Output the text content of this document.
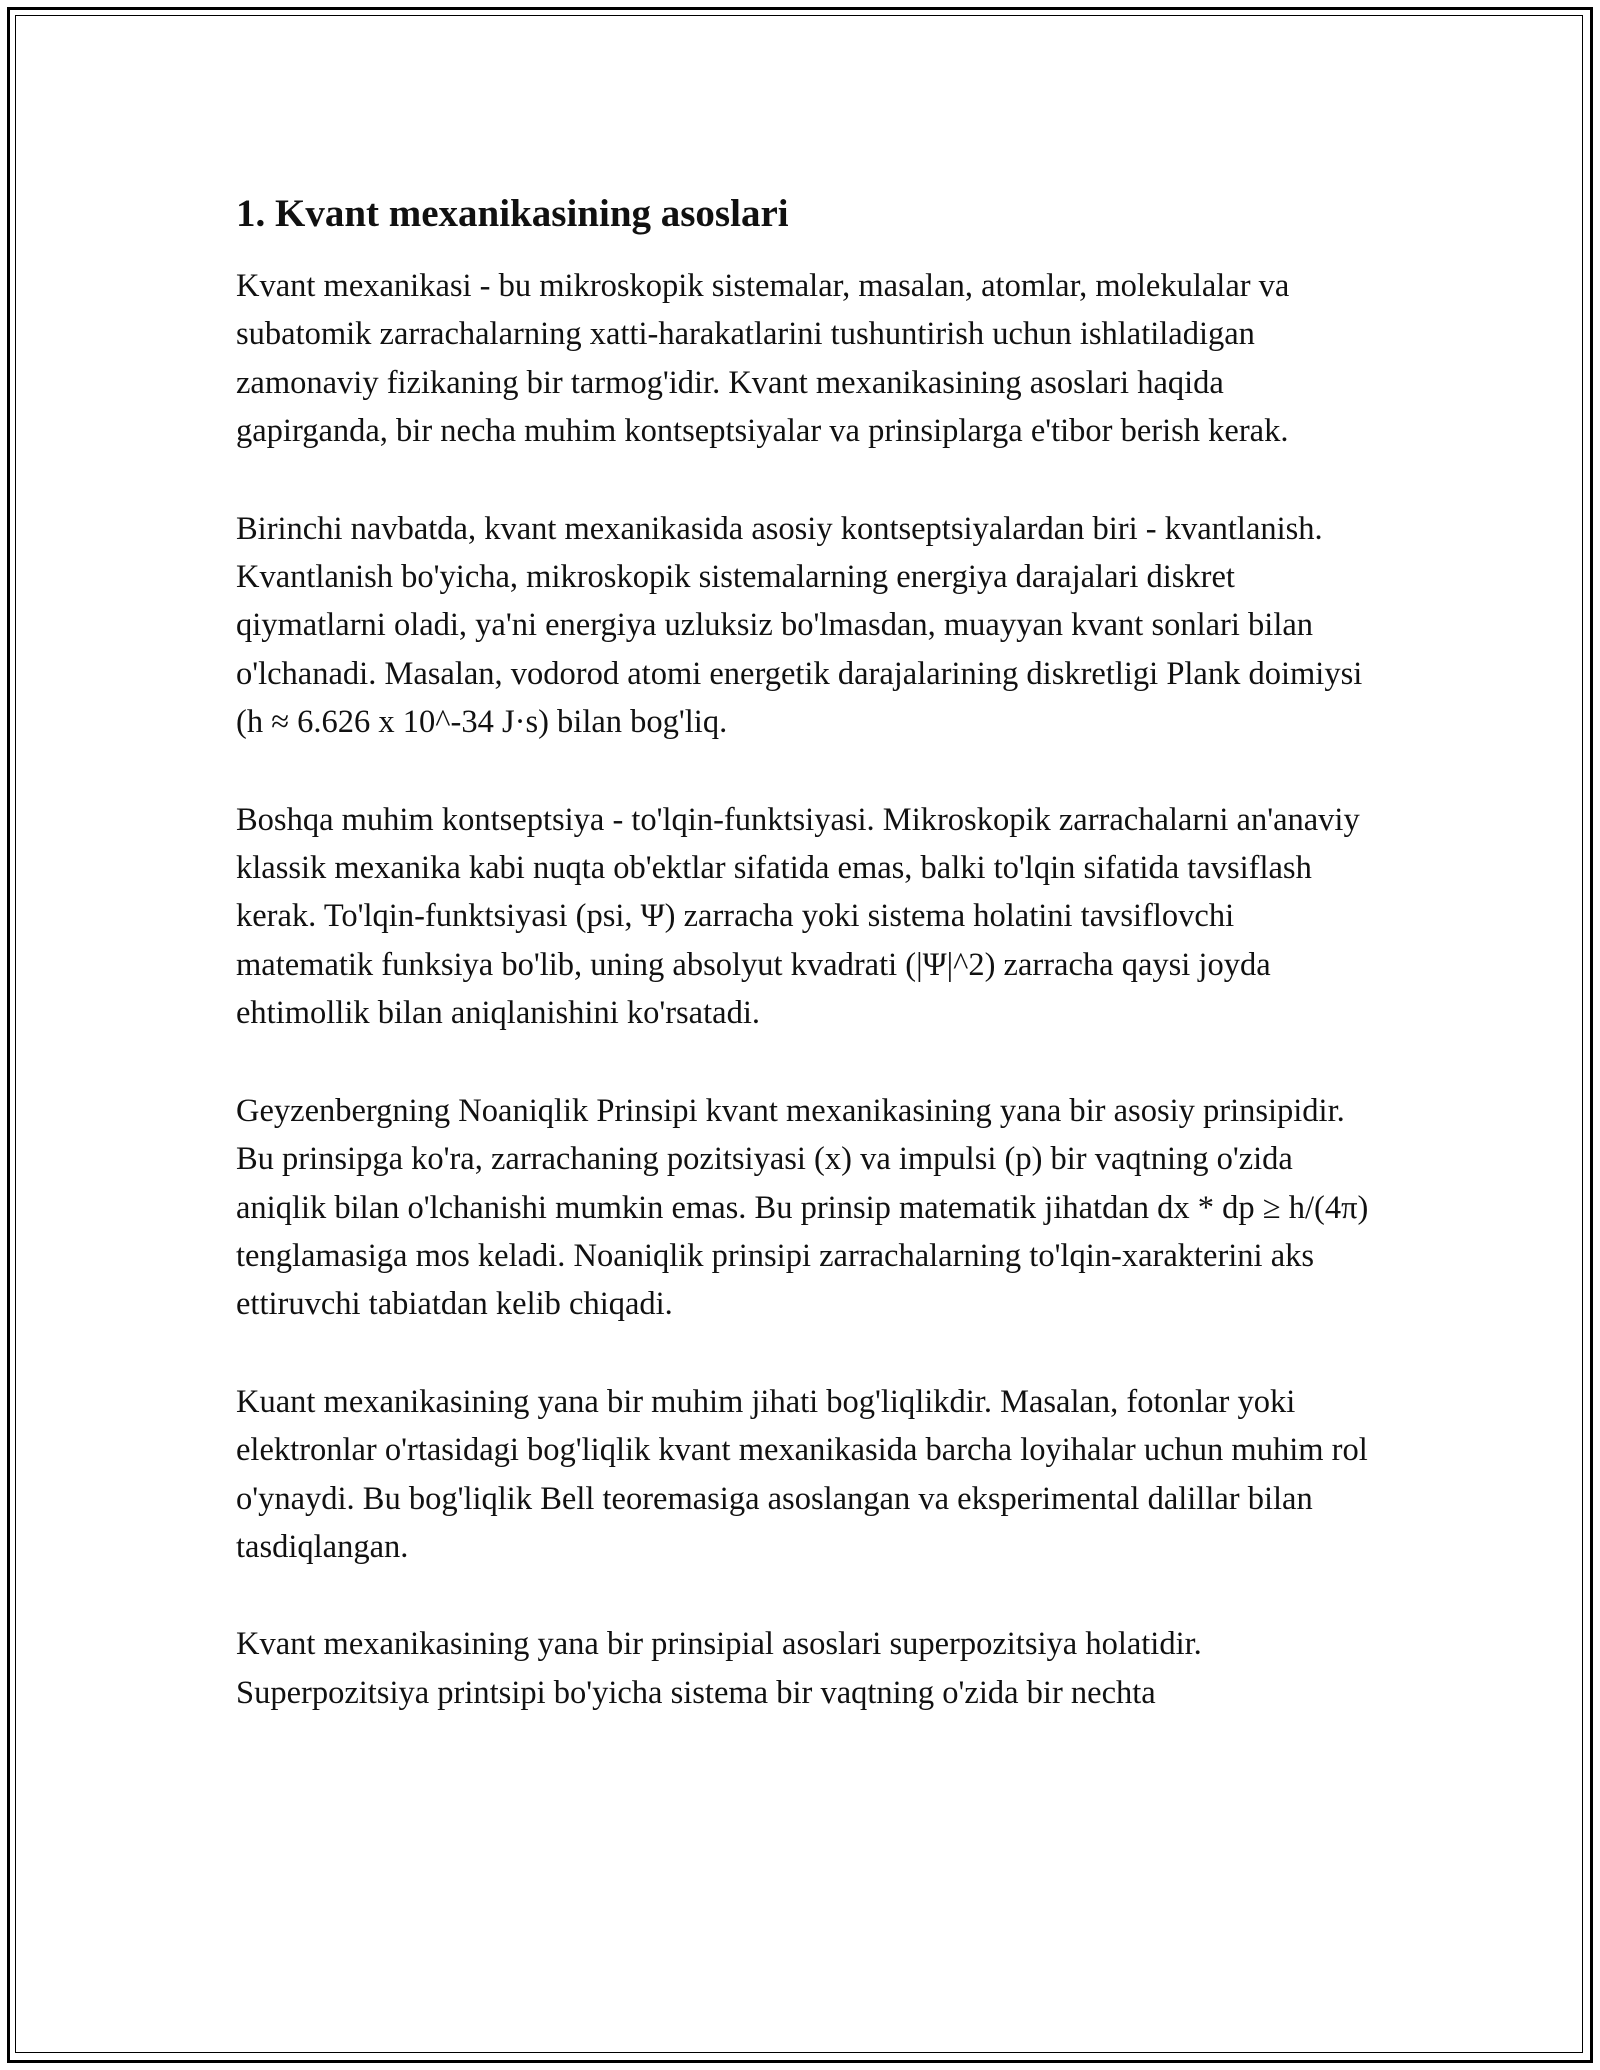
1. Kvant mexanikasining asoslari

Kvant mexanikasi - bu mikroskopik sistemalar, masalan, atomlar, molekulalar va subatomik zarrachalarning xatti-harakatlarini tushuntirish uchun ishlatiladigan zamonaviy fizikaning bir tarmog'idir. Kvant mexanikasining asoslari haqida gapirganda, bir necha muhim kontseptsiyalar va prinsiplarga e'tibor berish kerak.

Birinchi navbatda, kvant mexanikasida asosiy kontseptsiyalardan biri - kvantlanish. Kvantlanish bo'yicha, mikroskopik sistemalarning energiya darajalari diskret qiymatlarni oladi, ya'ni energiya uzluksiz bo'lmasdan, muayyan kvant sonlari bilan o'lchanadi. Masalan, vodorod atomi energetik darajalarining diskretligi Plank doimiysi (h ≈ 6.626 x 10^-34 J·s) bilan bog'liq.

Boshqa muhim kontseptsiya - to'lqin-funktsiyasi. Mikroskopik zarrachalarni an'anaviy klassik mexanika kabi nuqta ob'ektlar sifatida emas, balki to'lqin sifatida tavsiflash kerak. To'lqin-funktsiyasi (psi, Ψ) zarracha yoki sistema holatini tavsiflovchi matematik funksiya bo'lib, uning absolyut kvadrati (|Ψ|^2) zarracha qaysi joyda ehtimollik bilan aniqlanishini ko'rsatadi.

Geyzenbergning Noaniqlik Prinsipi kvant mexanikasining yana bir asosiy prinsipidir. Bu prinsipga ko'ra, zarrachaning pozitsiyasi (x) va impulsi (p) bir vaqtning o'zida aniqlik bilan o'lchanishi mumkin emas. Bu prinsip matematik jihatdan dx * dp ≥ h/(4π) tenglamasiga mos keladi. Noaniqlik prinsipi zarrachalarning to'lqin-xarakterini aks ettiruvchi tabiatdan kelib chiqadi.

Kuant mexanikasining yana bir muhim jihati bog'liqlikdir. Masalan, fotonlar yoki elektronlar o'rtasidagi bog'liqlik kvant mexanikasida barcha loyihalar uchun muhim rol o'ynaydi. Bu bog'liqlik Bell teoremasiga asoslangan va eksperimental dalillar bilan tasdiqlangan.

Kvant mexanikasining yana bir prinsipial asoslari superpozitsiya holatidir. Superpozitsiya printsipi bo'yicha sistema bir vaqtning o'zida bir nechta
